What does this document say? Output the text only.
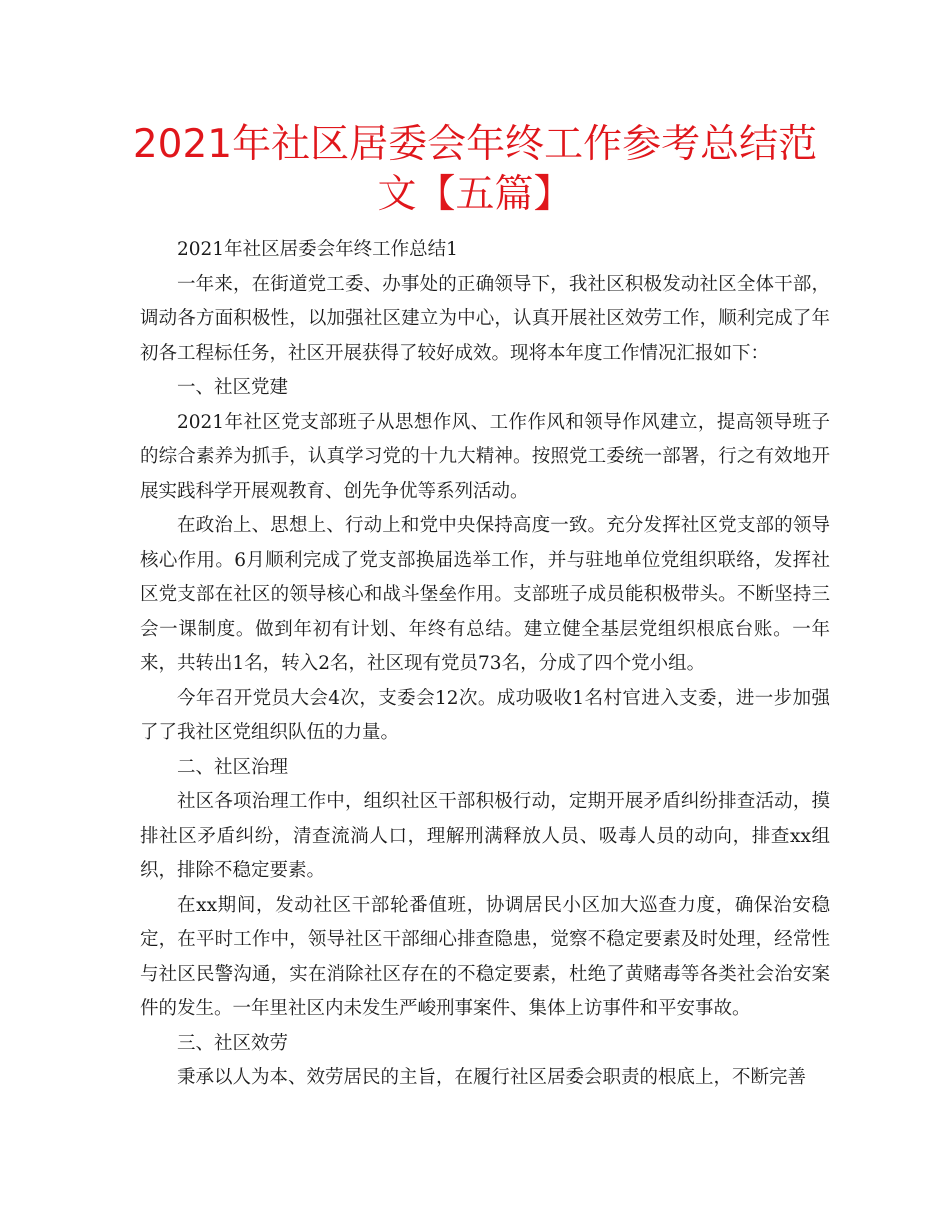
2021年社区居委会年终工作参考总结范文【五篇】

2021年社区居委会年终工作总结1

一年来，在街道党工委、办事处的正确领导下，我社区积极发动社区全体干部，调动各方面积极性，以加强社区建立为中心，认真开展社区效劳工作，顺利完成了年初各工程标任务，社区开展获得了较好成效。现将本年度工作情况汇报如下：

一、社区党建

2021年社区党支部班子从思想作风、工作作风和领导作风建立，提高领导班子的综合素养为抓手，认真学习党的十九大精神。按照党工委统一部署，行之有效地开展实践科学开展观教育、创先争优等系列活动。

在政治上、思想上、行动上和党中央保持高度一致。充分发挥社区党支部的领导核心作用。6月顺利完成了党支部换届选举工作，并与驻地单位党组织联络，发挥社区党支部在社区的领导核心和战斗堡垒作用。支部班子成员能积极带头。不断坚持三会一课制度。做到年初有计划、年终有总结。建立健全基层党组织根底台账。一年来，共转出1名，转入2名，社区现有党员73名，分成了四个党小组。

今年召开党员大会4次，支委会12次。成功吸收1名村官进入支委，进一步加强了了我社区党组织队伍的力量。

二、社区治理

社区各项治理工作中，组织社区干部积极行动，定期开展矛盾纠纷排查活动，摸排社区矛盾纠纷，清查流淌人口，理解刑满释放人员、吸毒人员的动向，排查xx组织，排除不稳定要素。

在xx期间，发动社区干部轮番值班，协调居民小区加大巡查力度，确保治安稳定，在平时工作中，领导社区干部细心排查隐患，觉察不稳定要素及时处理，经常性与社区民警沟通，实在消除社区存在的不稳定要素，杜绝了黄赌毒等各类社会治安案件的发生。一年里社区内未发生严峻刑事案件、集体上访事件和平安事故。

三、社区效劳

秉承以人为本、效劳居民的主旨，在履行社区居委会职责的根底上，不断完善
